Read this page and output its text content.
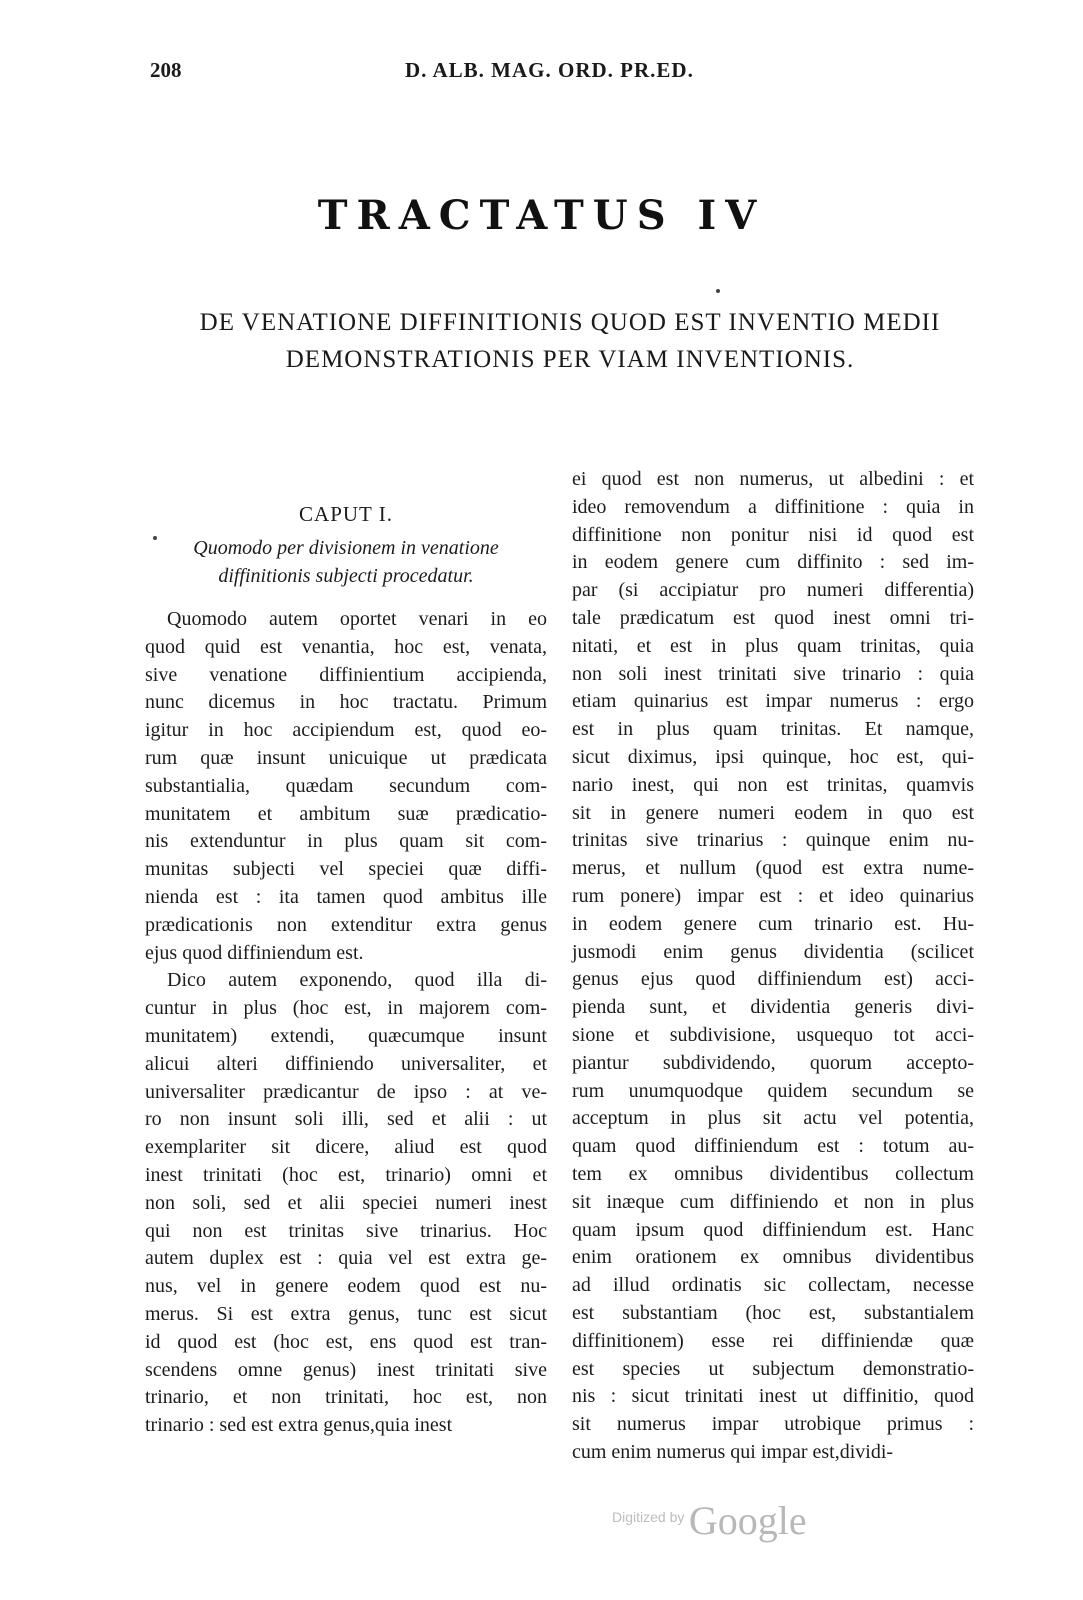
208	D. ALB. MAG. ORD. PR.ED.
TRACTATUS IV
DE VENATIONE DIFFINITIONIS QUOD EST INVENTIO MEDII
DEMONSTRATIONIS PER VIAM INVENTIONIS.
CAPUT I.
Quomodo per divisionem in venatione
diffinitionis subjecti procedatur.
Quomodo autem oportet venari in eo
quod quid est venantia, hoc est, venata,
sive venatione diffinientium accipienda,
nunc dicemus in hoc tractatu. Primum
igitur in hoc accipiendum est, quod eo-
rum quæ insunt unicuique ut prædicata
substantialia, quædam secundum com-
munitatem et ambitum suæ prædicatio-
nis extenduntur in plus quam sit com-
munitas subjecti vel speciei quæ diffi-
nienda est : ita tamen quod ambitus ille
prædicationis non extenditur extra genus
ejus quod diffiniendum est.
Dico autem exponendo, quod illa di-
cuntur in plus (hoc est, in majorem com-
munitatem) extendi, quæcumque insunt
alicui alteri diffiniendo universaliter, et
universaliter prædicantur de ipso : at ve-
ro non insunt soli illi, sed et alii : ut
exemplariter sit dicere, aliud est quod
inest trinitati (hoc est, trinario) omni et
non soli, sed et alii speciei numeri inest
qui non est trinitas sive trinarius. Hoc
autem duplex est : quia vel est extra ge-
nus, vel in genere eodem quod est nu-
merus. Si est extra genus, tunc est sicut
id quod est (hoc est, ens quod est tran-
scendens omne genus) inest trinitati sive
trinario, et non trinitati, hoc est, non
trinario : sed est extra genus,quia inest
ei quod est non numerus, ut albedini : et
ideo removendum a diffinitione : quia in
diffinitione non ponitur nisi id quod est
in eodem genere cum diffinito : sed im-
par (si accipiatur pro numeri differentia)
tale prædicatum est quod inest omni tri-
nitati, et est in plus quam trinitas, quia
non soli inest trinitati sive trinario : quia
etiam quinarius est impar numerus : ergo
est in plus quam trinitas. Et namque,
sicut diximus, ipsi quinque, hoc est, qui-
nario inest, qui non est trinitas, quamvis
sit in genere numeri eodem in quo est
trinitas sive trinarius : quinque enim nu-
merus, et nullum (quod est extra nume-
rum ponere) impar est : et ideo quinarius
in eodem genere cum trinario est. Hu-
jusmodi enim genus dividentia (scilicet
genus ejus quod diffiniendum est) acci-
pienda sunt, et dividentia generis divi-
sione et subdivisione, usquequo tot acci-
piantur subdividendo, quorum accepto-
rum unumquodque quidem secundum se
acceptum in plus sit actu vel potentia,
quam quod diffiniendum est : totum au-
tem ex omnibus dividentibus collectum
sit inæque cum diffiniendo et non in plus
quam ipsum quod diffiniendum est. Hanc
enim orationem ex omnibus dividentibus
ad illud ordinatis sic collectam, necesse
est substantiam (hoc est, substantialem
diffinitionem) esse rei diffiniendæ quæ
est species ut subjectum demonstratio-
nis : sicut trinitati inest ut diffinitio, quod
sit numerus impar utrobique primus :
cum enim numerus qui impar est,dividi-
Digitized by Google
